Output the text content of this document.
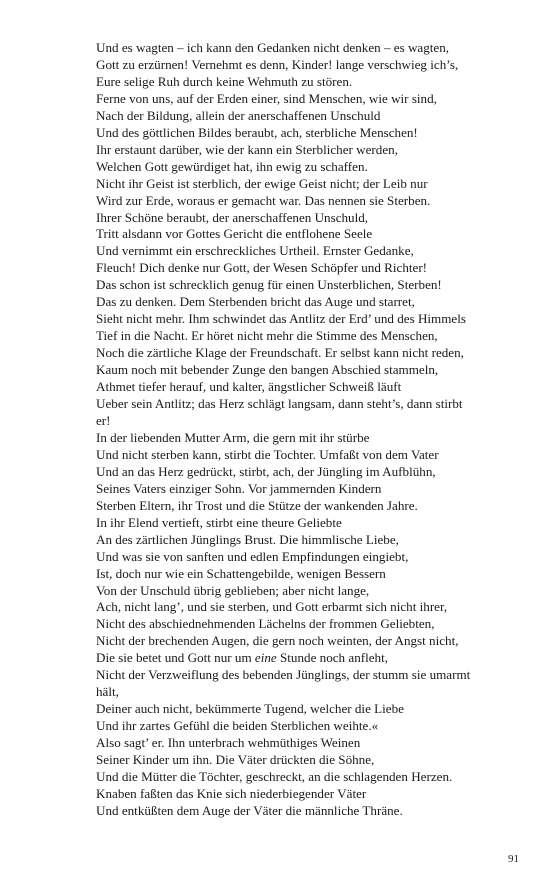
Und es wagten – ich kann den Gedanken nicht denken – es wagten,
Gott zu erzürnen! Vernehmt es denn, Kinder! lange verschwieg ich’s,
Eure selige Ruh durch keine Wehmuth zu stören.
Ferne von uns, auf der Erden einer, sind Menschen, wie wir sind,
Nach der Bildung, allein der anerschaffenen Unschuld
Und des göttlichen Bildes beraubt, ach, sterbliche Menschen!
Ihr erstaunt darüber, wie der kann ein Sterblicher werden,
Welchen Gott gewürdiget hat, ihn ewig zu schaffen.
Nicht ihr Geist ist sterblich, der ewige Geist nicht; der Leib nur
Wird zur Erde, woraus er gemacht war. Das nennen sie Sterben.
Ihrer Schöne beraubt, der anerschaffenen Unschuld,
Tritt alsdann vor Gottes Gericht die entflohene Seele
Und vernimmt ein erschreckliches Urtheil. Ernster Gedanke,
Fleuch! Dich denke nur Gott, der Wesen Schöpfer und Richter!
Das schon ist schrecklich genug für einen Unsterblichen, Sterben!
Das zu denken. Dem Sterbenden bricht das Auge und starret,
Sieht nicht mehr. Ihm schwindet das Antlitz der Erd’ und des Himmels
Tief in die Nacht. Er höret nicht mehr die Stimme des Menschen,
Noch die zärtliche Klage der Freundschaft. Er selbst kann nicht reden,
Kaum noch mit bebender Zunge den bangen Abschied stammeln,
Athmet tiefer herauf, und kalter, ängstlicher Schweiß läuft
Ueber sein Antlitz; das Herz schlägt langsam, dann steht’s, dann stirbt
er!
In der liebenden Mutter Arm, die gern mit ihr stürbe
Und nicht sterben kann, stirbt die Tochter. Umfaßt von dem Vater
Und an das Herz gedrückt, stirbt, ach, der Jüngling im Aufblühn,
Seines Vaters einziger Sohn. Vor jammernden Kindern
Sterben Eltern, ihr Trost und die Stütze der wankenden Jahre.
In ihr Elend vertieft, stirbt eine theure Geliebte
An des zärtlichen Jünglings Brust. Die himmlische Liebe,
Und was sie von sanften und edlen Empfindungen eingiebt,
Ist, doch nur wie ein Schattengebilde, wenigen Bessern
Von der Unschuld übrig geblieben; aber nicht lange,
Ach, nicht lang’, und sie sterben, und Gott erbarmt sich nicht ihrer,
Nicht des abschiednehmenden Lächelns der frommen Geliebten,
Nicht der brechenden Augen, die gern noch weinten, der Angst nicht,
Die sie betet und Gott nur um eine Stunde noch anfleht,
Nicht der Verzweiflung des bebenden Jünglings, der stumm sie umarmt
hält,
Deiner auch nicht, bekümmerte Tugend, welcher die Liebe
Und ihr zartes Gefühl die beiden Sterblichen weihte.«
Also sagt’ er. Ihn unterbrach wehmüthiges Weinen
Seiner Kinder um ihn. Die Väter drückten die Söhne,
Und die Mütter die Töchter, geschreckt, an die schlagenden Herzen.
Knaben faßten das Knie sich niederbiegender Väter
Und entküßten dem Auge der Väter die männliche Thräne.
91
